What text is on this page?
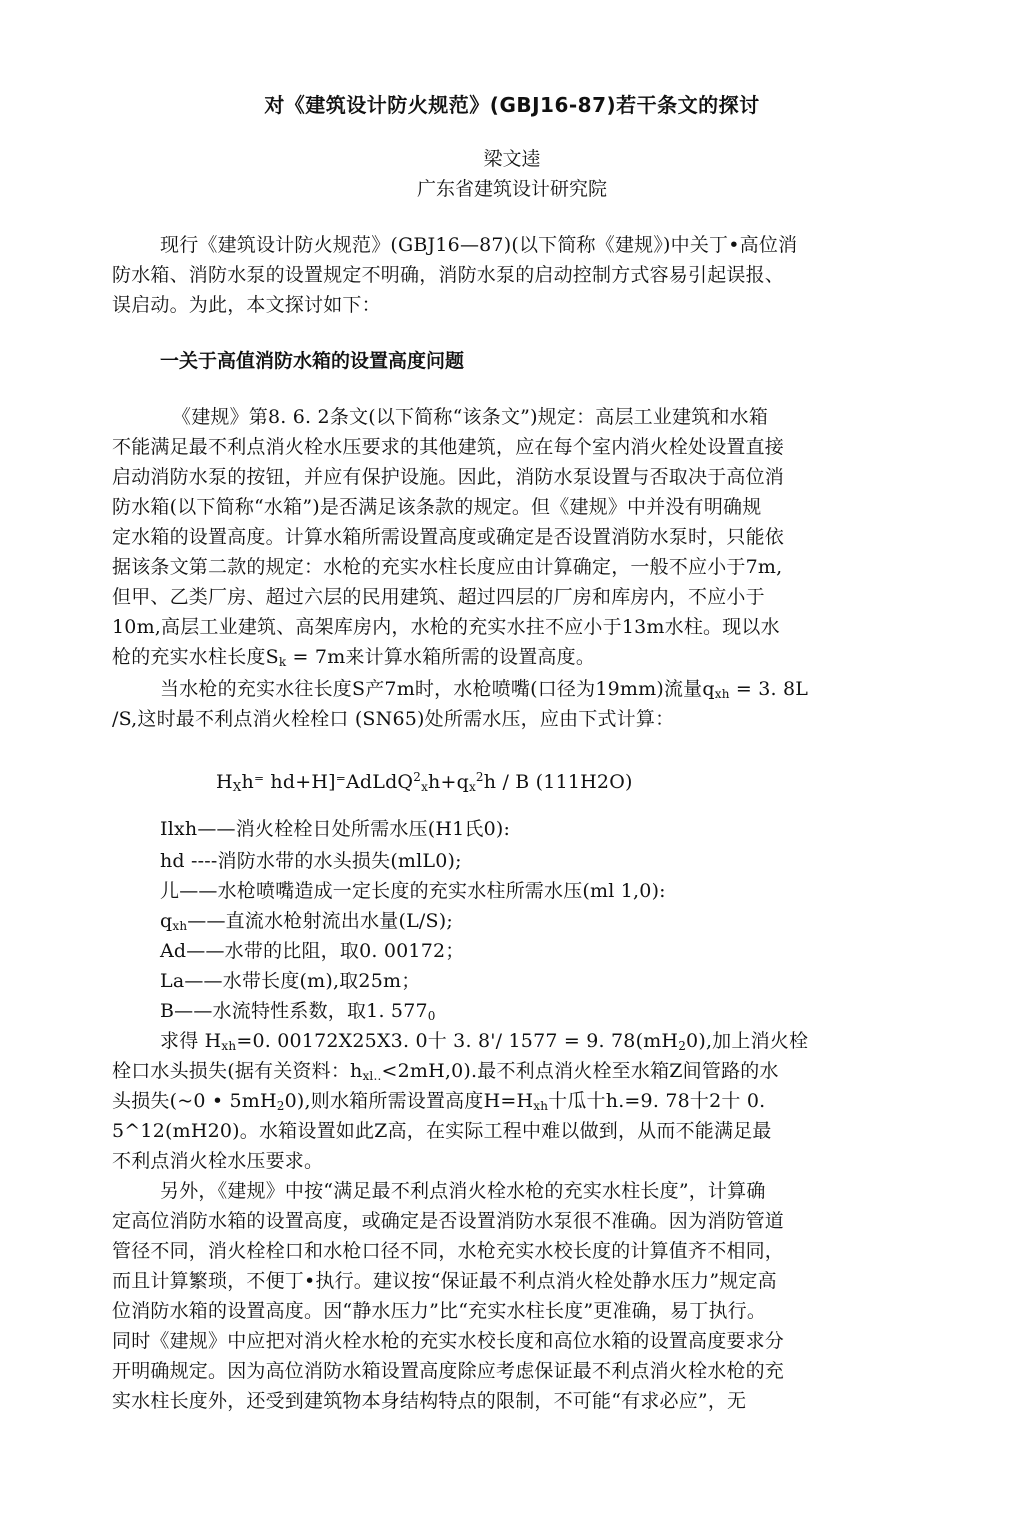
对《建筑设计防火规范》(GBJ16-87)若干条文的探讨
梁文逵
广东省建筑设计研究院
现行《建筑设计防火规范》(GBJ16—87)(以下简称《建规》)中关丁•高位消
防水箱、消防水泵的设置规定不明确，消防水泵的启动控制方式容易引起误报、
误启动。为此，本文探讨如下：
一关于高值消防水箱的设置高度问题
《建规》第8. 6. 2条文(以下简称“该条文”)规定：高层工业建筑和水箱
不能满足最不利点消火栓水压要求的其他建筑，应在每个室内消火栓处设置直接
启动消防水泵的按钮，并应有保护设施。因此，消防水泵设置与否取决于高位消
防水箱(以下简称“水箱”)是否满足该条款的规定。但《建规》中并没有明确规
定水箱的设置高度。计算水箱所需设置高度或确定是否设置消防水泵时，只能依
据该条文第二款的规定：水枪的充实水柱长度应由计算确定，一般不应小于7m,
但甲、乙类厂房、超过六层的民用建筑、超过四层的厂房和库房内，不应小于
10m,高层工业建筑、高架库房内，水枪的充实水拄不应小于13m水柱。现以水
枪的充实水柱长度$S_k = 7m$来计算水箱所需的设置高度。
当水枪的充实水往长度S产7m时，水枪喷嘴(口径为19mm)流量$q_{xh} = 3$. 8L
/S,这时最不利点消火栓栓口 (SN65)处所需水压，应由下式计算：
$H_Xh^=$ $hd+H]^=AdLdQ^2_xh+q_x^2h / B$ (111H2O)
Ilxh——消火栓栓日处所需水压(H1氏0):
hd ----消防水带的水头损失(mlL0);
儿——水枪喷嘴造成一定长度的充实水柱所需水压(ml 1,0):
$q_{xh}——$直流水枪射流出水量(L/S);
Ad——水带的比阻，取0. 00172；
La——水带长度(m),取25m；
B——水流特性系数，取1. $577_0$
求得 $H_{xh}=0$. 00172X25X3. 0十 3. 8'/ 1577 = 9. $78(mH_20)$,加上消火栓
栓口水头损失(据有关资料：$h_{xl..}<2mH,0$).最不利点消火栓至水箱Z间管路的水
头损失(~0 • $5mH_20$),则水箱所需设置高度$H=H_{xh}$十瓜十h.=9. 78十2十 0.
5^12(mH20)。水箱设置如此Z高，在实际工程中难以做到，从而不能满足最
不利点消火栓水压要求。
另外，《建规》中按“满足最不利点消火栓水枪的充实水柱长度”，计算确
定高位消防水箱的设置高度，或确定是否设置消防水泵很不准确。因为消防管道
管径不同，消火栓栓口和水枪口径不同，水枪充实水校长度的计算值齐不相同，
而且计算繁琐，不便丁•执行。建议按“保证最不利点消火栓处静水压力”规定高
位消防水箱的设置高度。因“静水压力”比“充实水柱长度”更准确，易丁执行。
同时《建规》中应把对消火栓水枪的充实水校长度和高位水箱的设置高度要求分
开明确规定。因为高位消防水箱设置高度除应考虑保证最不利点消火栓水枪的充
实水柱长度外，还受到建筑物本身结构特点的限制，不可能“有求必应”，无
